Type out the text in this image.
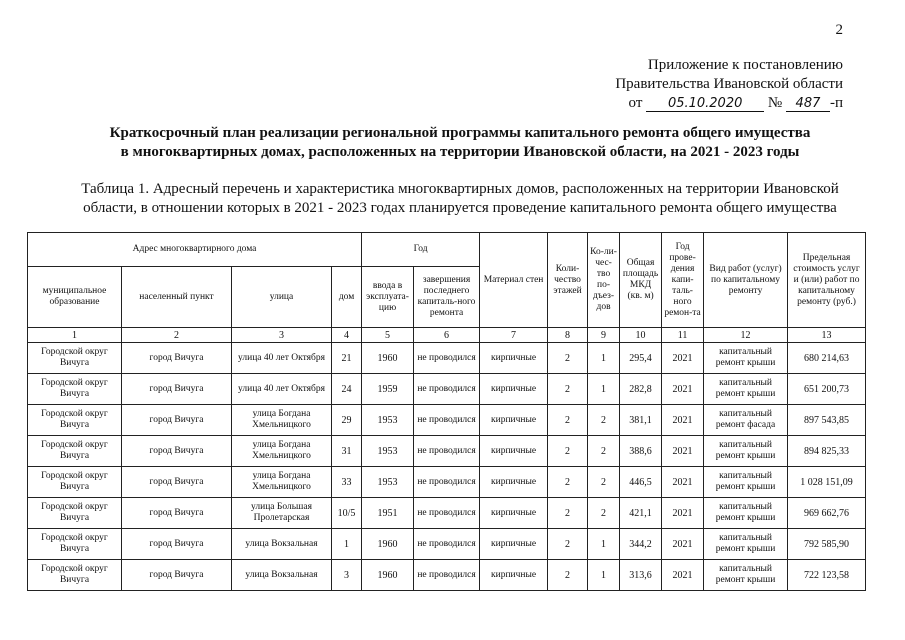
2
Приложение к постановлению
Правительства Ивановской области
от 05.10.2020 № 487 -п
Краткосрочный план реализации региональной программы капитального ремонта общего имущества
в многоквартирных домах, расположенных на территории Ивановской области, на 2021 - 2023 годы
Таблица 1. Адресный перечень и характеристика многоквартирных домов, расположенных на территории Ивановской
области, в отношении которых в 2021 - 2023 годах планируется проведение капитального ремонта общего имущества
Адрес многоквартирного дома				Год		Материал стен	Коли-чество этажей	Ко-ли-чес-тво по-дъез-дов	Общая площадь МКД (кв. м)	Год прове-дения капи-таль-ного ремон-та	Вид работ (услуг) по капитальному ремонту	Предельная стоимость услуг и (или) работ по капитальному ремонту (руб.)
муниципальное образование	населенный пункт	улица	дом	ввода в эксплуата-цию	завершения последнего капиталь-ного ремонта							
1	2	3	4	5	6	7	8	9	10	11	12	13
Городской округ Вичуга	город Вичуга	улица 40 лет Октября	21	1960	не проводился	кирпичные	2	1	295,4	2021	капитальный ремонт крыши	680 214,63
Городской округ Вичуга	город Вичуга	улица 40 лет Октября	24	1959	не проводился	кирпичные	2	1	282,8	2021	капитальный ремонт крыши	651 200,73
Городской округ Вичуга	город Вичуга	улица Богдана Хмельницкого	29	1953	не проводился	кирпичные	2	2	381,1	2021	капитальный ремонт фасада	897 543,85
Городской округ Вичуга	город Вичуга	улица Богдана Хмельницкого	31	1953	не проводился	кирпичные	2	2	388,6	2021	капитальный ремонт крыши	894 825,33
Городской округ Вичуга	город Вичуга	улица Богдана Хмельницкого	33	1953	не проводился	кирпичные	2	2	446,5	2021	капитальный ремонт крыши	1 028 151,09
Городской округ Вичуга	город Вичуга	улица Большая Пролетарская	10/5	1951	не проводился	кирпичные	2	2	421,1	2021	капитальный ремонт крыши	969 662,76
Городской округ Вичуга	город Вичуга	улица Вокзальная	1	1960	не проводился	кирпичные	2	1	344,2	2021	капитальный ремонт крыши	792 585,90
Городской округ Вичуга	город Вичуга	улица Вокзальная	3	1960	не проводился	кирпичные	2	1	313,6	2021	капитальный ремонт крыши	722 123,58
